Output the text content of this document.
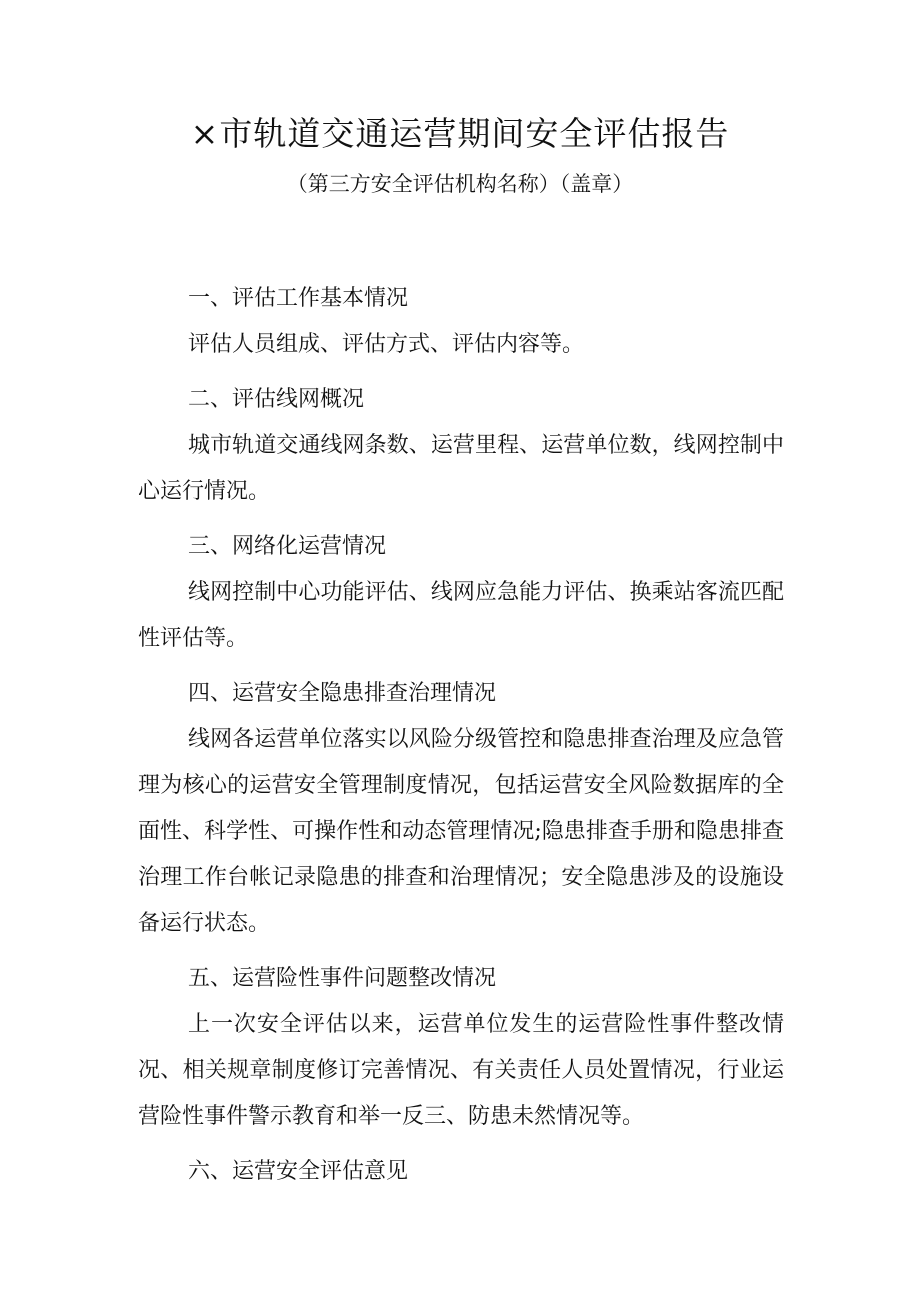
×市轨道交通运营期间安全评估报告
（第三方安全评估机构名称）（盖章）
一、评估工作基本情况

评估人员组成、评估方式、评估内容等。

二、评估线网概况

城市轨道交通线网条数、运营里程、运营单位数，线网控制中心运行情况。

三、网络化运营情况

线网控制中心功能评估、线网应急能力评估、换乘站客流匹配性评估等。

四、运营安全隐患排查治理情况

线网各运营单位落实以风险分级管控和隐患排查治理及应急管理为核心的运营安全管理制度情况，包括运营安全风险数据库的全面性、科学性、可操作性和动态管理情况;隐患排查手册和隐患排查治理工作台帐记录隐患的排查和治理情况；安全隐患涉及的设施设备运行状态。

五、运营险性事件问题整改情况

上一次安全评估以来，运营单位发生的运营险性事件整改情况、相关规章制度修订完善情况、有关责任人员处置情况，行业运营险性事件警示教育和举一反三、防患未然情况等。

六、运营安全评估意见
